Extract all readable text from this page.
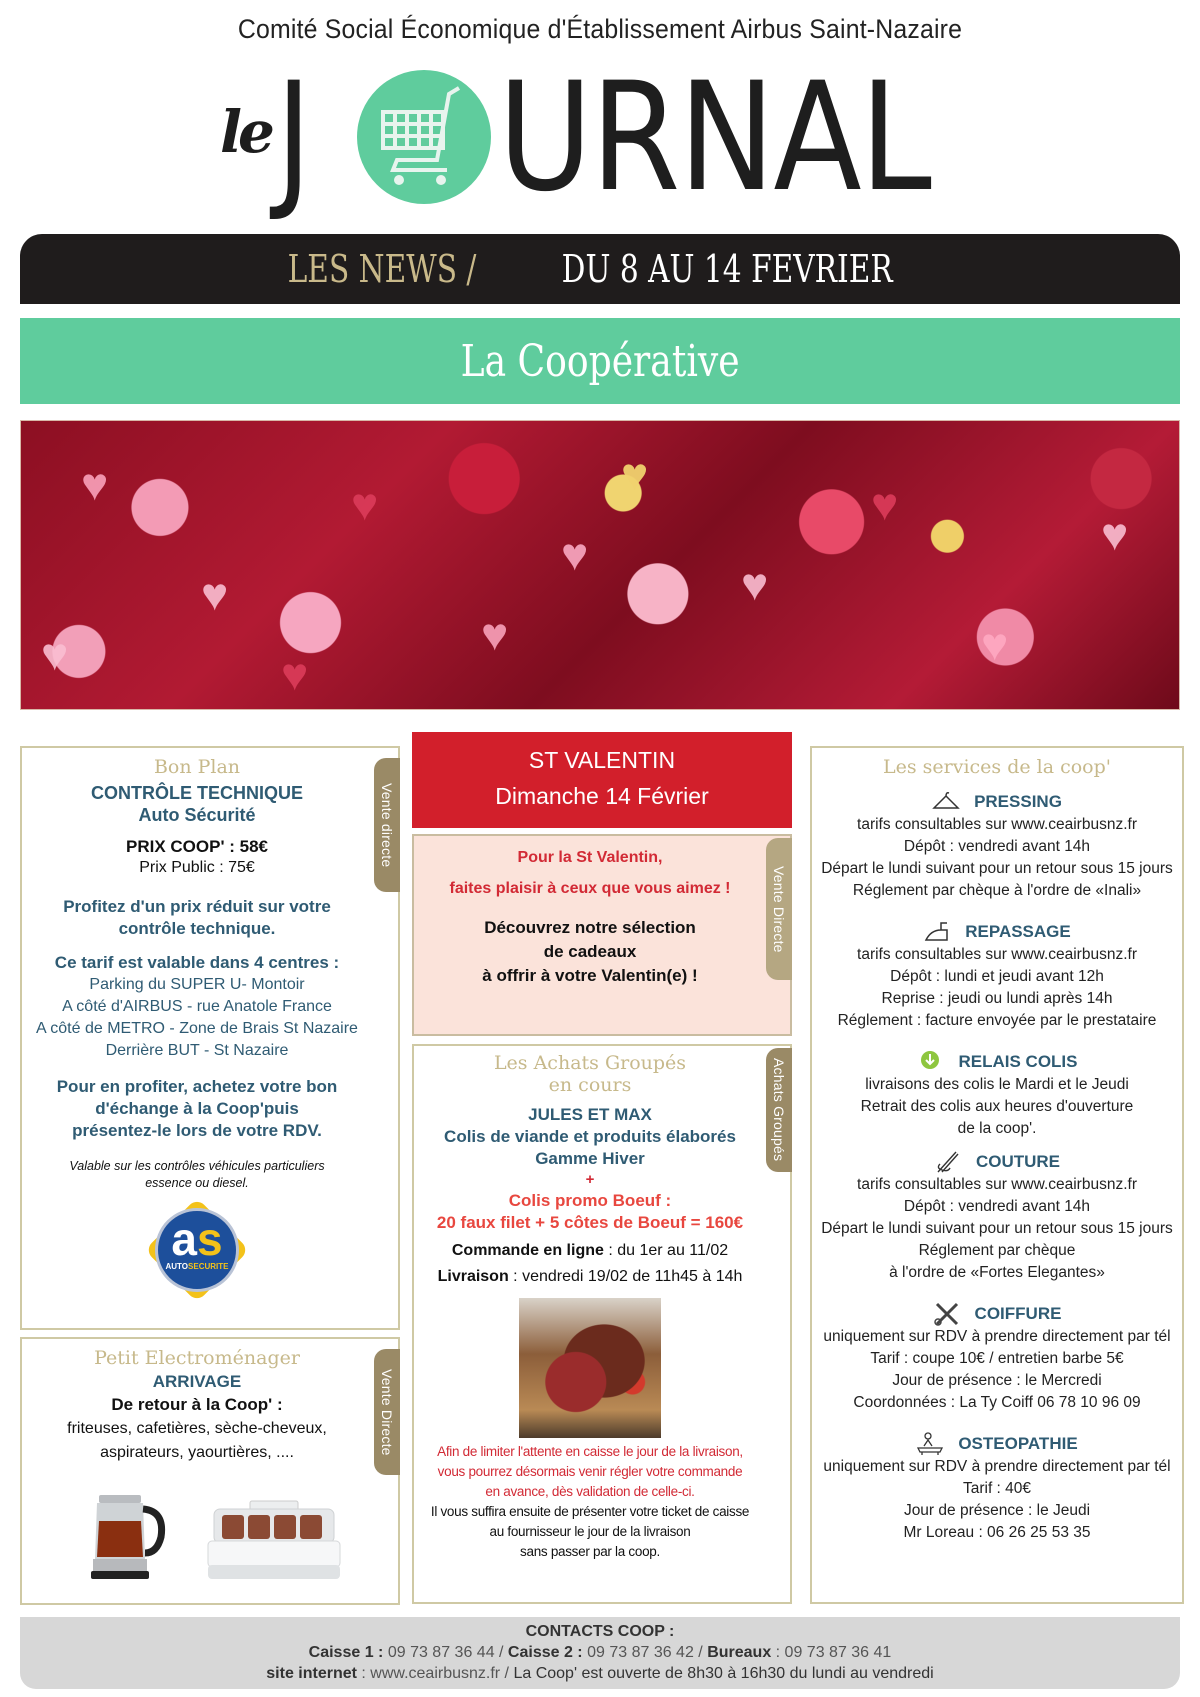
Comité Social Économique d'Établissement Airbus Saint-Nazaire
le J URNAL
LES NEWS / DU 8 AU 14 FEVRIER
La Coopérative
♥
♥
♥
♥
♥
♥
♥
♥
♥
♥	♥
♥
Vente directe
Bon Plan
CONTRÔLE TECHNIQUE
Auto Sécurité
PRIX COOP' : 58€
Prix Public : 75€
Profitez d'un prix réduit sur votre contrôle technique.
Ce tarif est valable dans 4 centres :
Parking du SUPER U- Montoir
A côté d'AIRBUS - rue Anatole France
A côté de METRO - Zone de Brais St Nazaire
Derrière BUT - St Nazaire
Pour en profiter, achetez votre bon
d'échange à la Coop'puis
présentez-le lors de votre RDV.
Valable sur les contrôles véhicules particuliers
essence ou diesel.
as
AUTOSECURITE
Vente Directe
Petit Electroménager
ARRIVAGE
De retour à la Coop' :
friteuses, cafetières, sèche-cheveux,
aspirateurs, yaourtières, ....
ST VALENTIN
Dimanche 14 Février
Vente Directe
Pour la St Valentin,
faites plaisir à ceux que vous aimez !
Découvrez notre sélection
de cadeaux
à offrir à votre Valentin(e) !
Achats Groupés
Les Achats Groupés
en cours
JULES ET MAX
Colis de viande et produits élaborés
Gamme Hiver
+
Colis promo Boeuf :
20 faux filet + 5 côtes de Boeuf = 160€
Commande en ligne : du 1er au 11/02
Livraison : vendredi 19/02 de 11h45 à 14h
Afin de limiter l'attente en caisse le jour de la livraison,
vous pourrez désormais venir régler votre commande
en avance, dès validation de celle-ci.
Il vous suffira ensuite de présenter votre ticket de caisse
au fournisseur le jour de la livraison
sans passer par la coop.
Les services de la coop'
PRESSING
tarifs consultables sur www.ceairbusnz.fr
Dépôt : vendredi avant 14h
Départ le lundi suivant pour un retour sous 15 jours
Réglement par chèque à l'ordre de «Inali»
REPASSAGE
tarifs consultables sur www.ceairbusnz.fr
Dépôt : lundi et jeudi avant 12h
Reprise : jeudi ou lundi après 14h
Réglement : facture envoyée par le prestataire
RELAIS COLIS
livraisons des colis le Mardi et le Jeudi
Retrait des colis aux heures d'ouverture
de la coop'.
COUTURE
tarifs consultables sur www.ceairbusnz.fr
Dépôt : vendredi avant 14h
Départ le lundi suivant pour un retour sous 15 jours
Réglement par chèque
à l'ordre de «Fortes Elegantes»
COIFFURE
uniquement sur RDV à prendre directement par tél
Tarif : coupe 10€ / entretien barbe 5€
Jour de présence : le Mercredi
Coordonnées : La Ty Coiff 06 78 10 96 09
OSTEOPATHIE
uniquement sur RDV à prendre directement par tél
Tarif : 40€
Jour de présence : le Jeudi
Mr Loreau : 06 26 25 53 35
CONTACTS COOP :
Caisse 1 : 09 73 87 36 44 / Caisse 2 : 09 73 87 36 42 / Bureaux : 09 73 87 36 41
site internet : www.ceairbusnz.fr / La Coop' est ouverte de 8h30 à 16h30 du lundi au vendredi
